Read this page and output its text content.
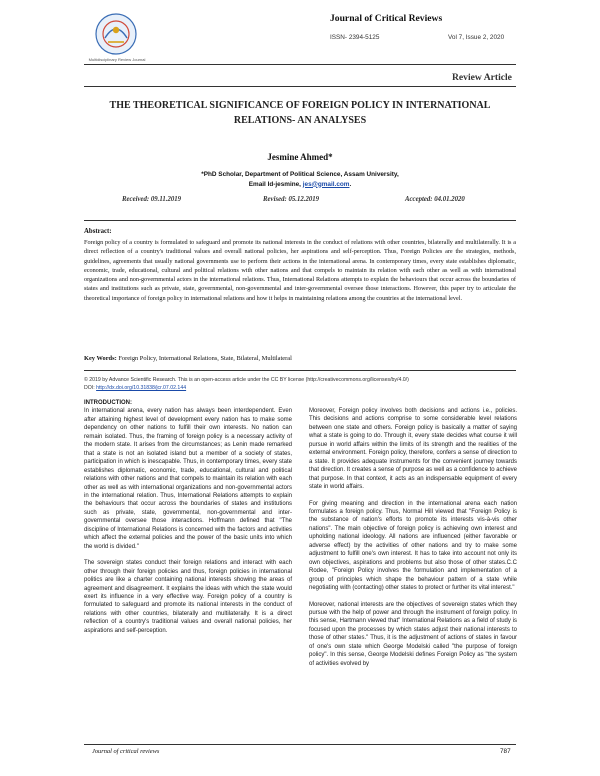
Multidisciplinary Review Journal
Journal of Critical Reviews
ISSN- 2394-5125	Vol 7, Issue 2, 2020
Review Article
THE THEORETICAL SIGNIFICANCE OF FOREIGN POLICY IN INTERNATIONAL RELATIONS- AN ANALYSES
Jesmine Ahmed*
*PhD Scholar, Department of Political Science, Assam University,
Email Id-jesmine, jes@gmail.com.
Received: 09.11.2019	Revised: 05.12.2019	Accepted: 04.01.2020
Abstract:
Foreign policy of a country is formulated to safeguard and promote its national interests in the conduct of relations with other countries, bilaterally and multilaterally. It is a direct reflection of a country's traditional values and overall national policies, her aspirations and self-perception. Thus, Foreign Policies are the strategies, methods, guidelines, agreements that usually national governments use to perform their actions in the international arena. In contemporary times, every state establishes diplomatic, economic, trade, educational, cultural and political relations with other nations and that compels to maintain its relation with each other as well as with international organizations and non-governmental actors in the international relations. Thus, International Relations attempts to explain the behaviours that occur across the boundaries of states and institutions such as private, state, governmental, non-governmental and inter-governmental oversee those interactions. However, this paper try to articulate the theoretical importance of foreign policy in international relations and how it helps in maintaining relations among the countries at the international level.
Key Words: Foreign Policy, International Relations, State, Bilateral, Multilateral
© 2019 by Advance Scientific Research. This is an open-access article under the CC BY license (http://creativecommons.org/licenses/by/4.0/)
DOI: http://dx.doi.org/10.31838/jcr.07.02.144

INTRODUCTION:

In international arena, every nation has always been interdependent. Even after attaining highest level of development every nation has to make some dependency on other nations to fulfill their own interests. No nation can remain isolated. Thus, the framing of foreign policy is a necessary activity of the modern state. It arises from the circumstances; as Lenin made remarked that a state is not an isolated island but a member of a society of states, participation in which is inescapable. Thus, in contemporary times, every state establishes diplomatic, economic, trade, educational, cultural and political relations with other nations and that compels to maintain its relation with each other as well as with international organizations and non-governmental actors in the international relation. Thus, International Relations attempts to explain the behaviours that occur across the boundaries of states and institutions such as private, state, governmental, non-governmental and inter-governmental oversee those interactions. Hoffmann defined that "The discipline of International Relations is concerned with the factors and activities which affect the external policies and the power of the basic units into which the world is divided."

The sovereign states conduct their foreign relations and interact with each other through their foreign policies and thus, foreign policies in international politics are like a charter containing national interests showing the areas of agreement and disagreement. It explains the ideas with which the state would exert its influence in a very effective way. Foreign policy of a country is formulated to safeguard and promote its national interests in the conduct of relations with other countries, bilaterally and multilaterally. It is a direct reflection of a country's traditional values and overall national policies, her aspirations and self-perception.

Moreover, Foreign policy involves both decisions and actions i.e., policies. This decisions and actions comprise to some considerable level relations between one state and others. Foreign policy is basically a matter of saying what a state is going to do. Through it, every state decides what course it will pursue in world affairs within the limits of its strength and the realities of the external environment. Foreign policy, therefore, confers a sense of direction to a state. It provides adequate instruments for the convenient journey towards that direction. It creates a sense of purpose as well as a confidence to achieve that purpose. In that context, it acts as an indispensable equipment of every state in world affairs.

For giving meaning and direction in the international arena each nation formulates a foreign policy. Thus, Normal Hill viewed that "Foreign Policy is the substance of nation's efforts to promote its interests vis-à-vis other nations". The main objective of foreign policy is achieving own interest and upholding national ideology. All nations are influenced (either favorable or adverse effect) by the activities of other nations and try to make some adjustment to fulfill one's own interest. It has to take into account not only its own objectives, aspirations and problems but also those of other states.C.C Rodee, "Foreign Policy involves the formulation and implementation of a group of principles which shape the behaviour pattern of a state while negotiating with (contacting) other states to protect or further its vital interest."

Moreover, national interests are the objectives of sovereign states which they pursue with the help of power and through the instrument of foreign policy. In this sense, Hartmann viewed that" International Relations as a field of study is focused upon the processes by which states adjust their national interests to those of other states." Thus, it is the adjustment of actions of states in favour of one's own state which George Modelski called "the purpose of foreign policy". In this sense, George Modelski defines Foreign Policy as "the system of activities evolved by

Journal of critical reviews	787
